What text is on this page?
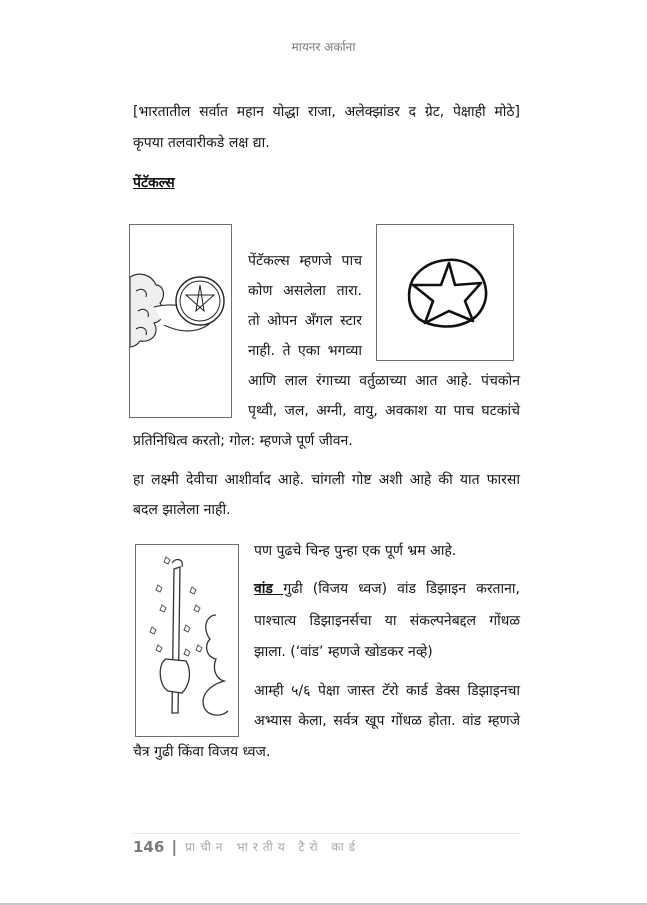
मायनर अर्काना
[भारतातील सर्वात महान योद्धा राजा, अलेक्झांडर द ग्रेट, पेक्षाही मोठे]
कृपया तलवारीकडे लक्ष द्या.
पेंटॅकल्स
पेंटॅकल्स म्हणजे पाच
कोण असलेला तारा.
तो ओपन अँगल स्टार
नाही. ते एका भगव्या
आणि लाल रंगाच्या वर्तुळाच्या आत आहे. पंचकोन
पृथ्वी, जल, अग्नी, वायु, अवकाश या पाच घटकांचे
प्रतिनिधित्व करतो; गोल: म्हणजे पूर्ण जीवन.
हा लक्ष्मी देवीचा आशीर्वाद आहे. चांगली गोष्ट अशी आहे की यात फारसा
बदल झालेला नाही.
पण पुढचे चिन्ह पुन्हा एक पूर्ण भ्रम आहे.
वांड गुढी (विजय ध्वज) वांड डिझाइन करताना,
पाश्चात्य डिझाइनर्सचा या संकल्पनेबद्दल गोंधळ
झाला. (‘वांड’ म्हणजे खोडकर नव्हे)
आम्ही ५/६ पेक्षा जास्त टॅरो कार्ड डेक्स डिझाइनचा
अभ्यास केला, सर्वत्र खूप गोंधळ होता. वांड म्हणजे
चैत्र गुढी किंवा विजय ध्वज.
146 | प्राचीन भारतीय टैरो कार्ड
